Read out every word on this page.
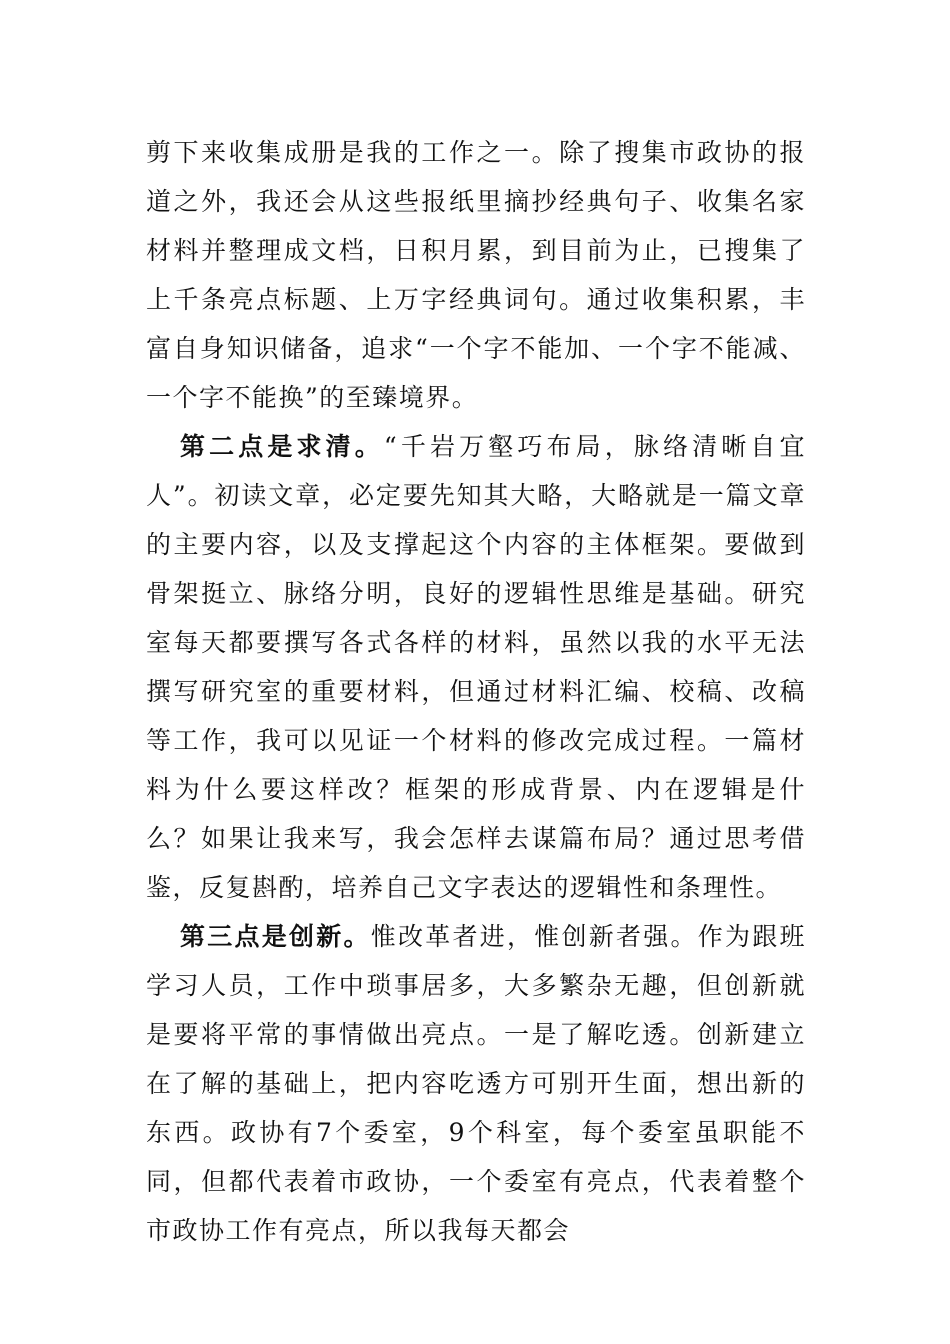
剪下来收集成册是我的工作之一。除了搜集市政协的报道之外，我还会从这些报纸里摘抄经典句子、收集名家材料并整理成文档，日积月累，到目前为止，已搜集了上千条亮点标题、上万字经典词句。通过收集积累，丰富自身知识储备，追求“一个字不能加、一个字不能减、一个字不能换”的至臻境界。

第二点是求清。“千岩万壑巧布局，脉络清晰自宜人”。初读文章，必定要先知其大略，大略就是一篇文章的主要内容，以及支撑起这个内容的主体框架。要做到骨架挺立、脉络分明，良好的逻辑性思维是基础。研究室每天都要撰写各式各样的材料，虽然以我的水平无法撰写研究室的重要材料，但通过材料汇编、校稿、改稿等工作，我可以见证一个材料的修改完成过程。一篇材料为什么要这样改？框架的形成背景、内在逻辑是什么？如果让我来写，我会怎样去谋篇布局？通过思考借鉴，反复斟酌，培养自己文字表达的逻辑性和条理性。

第三点是创新。惟改革者进，惟创新者强。作为跟班学习人员，工作中琐事居多，大多繁杂无趣，但创新就是要将平常的事情做出亮点。一是了解吃透。创新建立在了解的基础上，把内容吃透方可别开生面，想出新的东西。政协有7个委室，9个科室，每个委室虽职能不同，但都代表着市政协，一个委室有亮点，代表着整个市政协工作有亮点，所以我每天都会
